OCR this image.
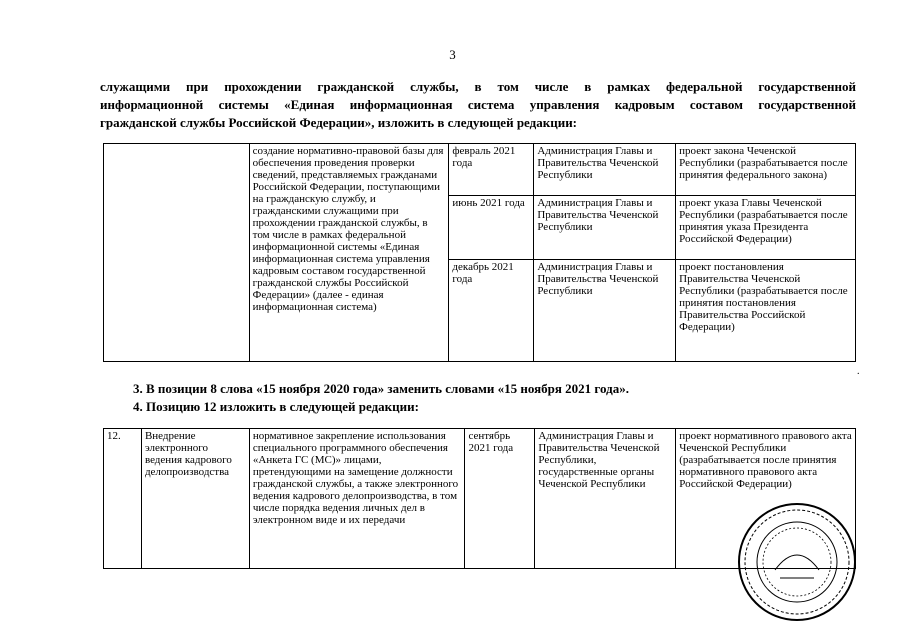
3
служащими при прохождении гражданской службы, в том числе в рамках федеральной государственной
информационной системы «Единая информационная система управления кадровым составом государственной
гражданской службы Российской Федерации», изложить в следующей редакции:
	создание нормативно-правовой базы для обеспечения проведения проверки сведений, представляемых гражданами Российской Федерации, поступающими на гражданскую службу, и гражданскими служащими при прохождении гражданской службы, в том числе в рамках федеральной информационной системы «Единая информационная система управления кадровым составом государственной гражданской службы Российской Федерации» (далее - единая информационная система)	февраль 2021 года	Администрация Главы и Правительства Чеченской Республики	проект закона Чеченской Республики (разрабатывается после принятия федерального закона)
		июнь 2021 года	Администрация Главы и Правительства Чеченской Республики	проект указа Главы Чеченской Республики (разрабатывается после принятия указа Президента Российской Федерации)
		декабрь 2021 года	Администрация Главы и Правительства Чеченской Республики	проект постановления Правительства Чеченской Республики (разрабатывается после принятия постановления Правительства Российской Федерации)
.
3. В позиции 8 слова «15 ноября 2020 года» заменить словами «15 ноября 2021 года».
4. Позицию 12 изложить в следующей редакции:
12.	Внедрение электронного ведения кадрового делопроизводства	нормативное закрепление использования специального программного обеспечения «Анкета ГС (МС)» лицами, претендующими на замещение должности гражданской службы, а также электронного ведения кадрового делопроизводства, в том числе порядка ведения личных дел в электронном виде и их передачи	сентябрь 2021 года	Администрация Главы и Правительства Чеченской Республики, государственные органы Чеченской Республики	проект нормативного правового акта Чеченской Республики (разрабатывается после принятия нормативного правового акта Российской Федерации)
